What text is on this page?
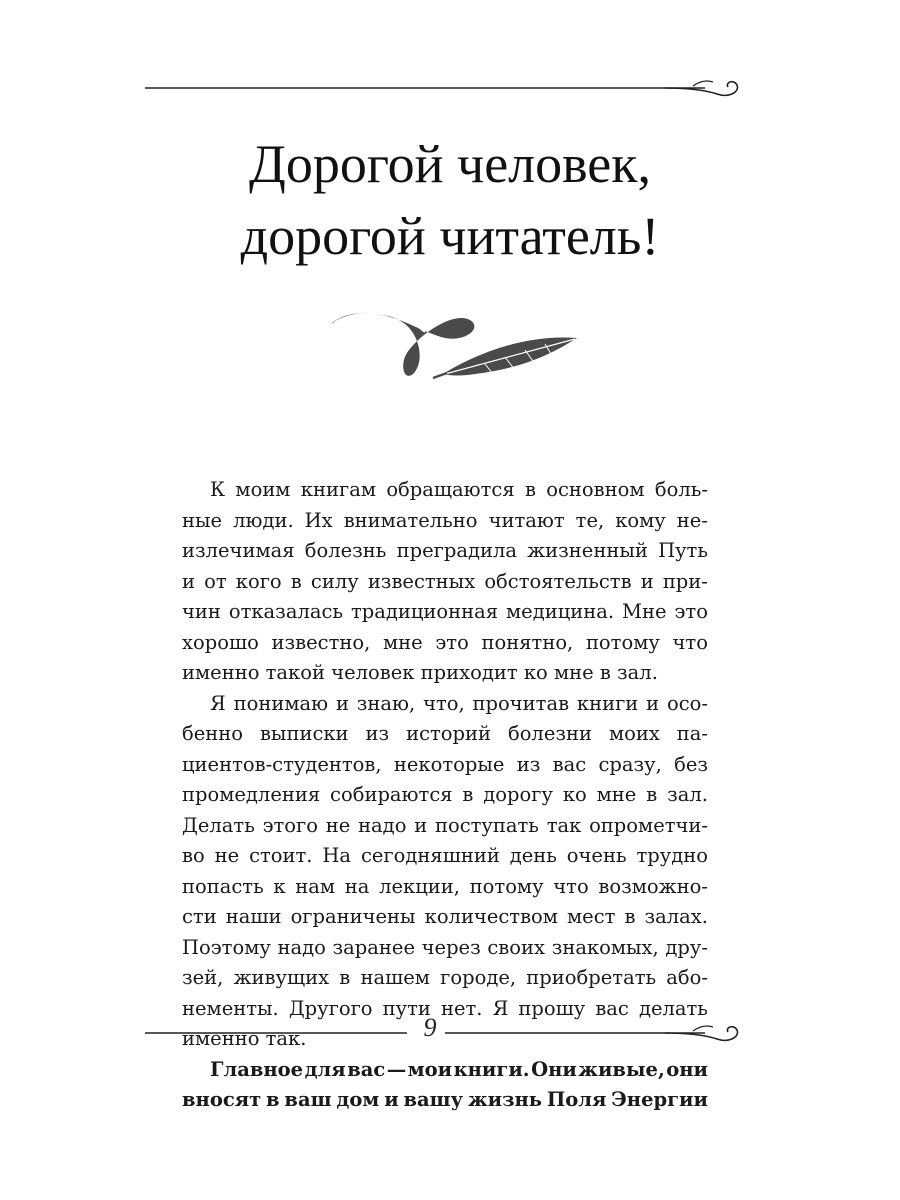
Дорогой человек,
дорогой читатель!
К моим книгам обращаются в основном боль-
ные люди. Их внимательно читают те, кому не-
излечимая болезнь преградила жизненный Путь
и от кого в силу известных обстоятельств и при-
чин отказалась традиционная медицина. Мне это
хорошо известно, мне это понятно, потому что
именно такой человек приходит ко мне в зал.
Я понимаю и знаю, что, прочитав книги и осо-
бенно выписки из историй болезни моих па-
циентов-студентов, некоторые из вас сразу, без
промедления собираются в дорогу ко мне в зал.
Делать этого не надо и поступать так опрометчи-
во не стоит. На сегодняшний день очень трудно
попасть к нам на лекции, потому что возможно-
сти наши ограничены количеством мест в залах.
Поэтому надо заранее через своих знакомых, дру-
зей, живущих в нашем городе, приобретать або-
нементы. Другого пути нет. Я прошу вас делать
именно так.
Главное для вас — мои книги. Они живые, они
вносят в ваш дом и вашу жизнь Поля Энергии
9
